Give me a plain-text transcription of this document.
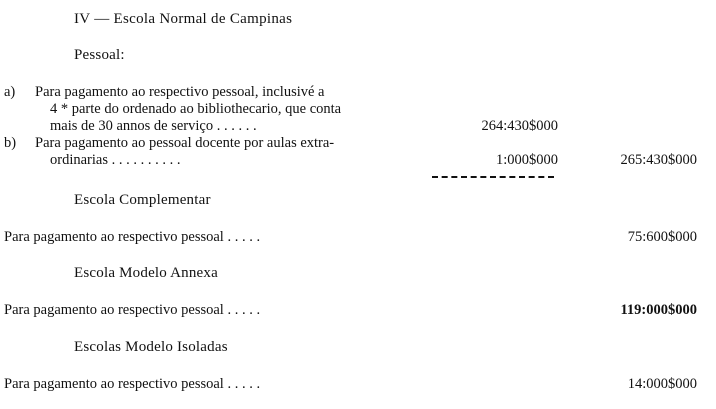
IV — Escola Normal de Campinas
Pessoal:
a) Para pagamento ao respectivo pessoal, inclusivé a
4 * parte do ordenado ao bibliothecario, que conta
mais de 30 annos de serviço . . . . . .	264:430$000
b) Para pagamento ao pessoal docente por aulas extra-
ordinarias . . . . . . . . . .	1:000$000	265:430$000
Escola Complementar
Para pagamento ao respectivo pessoal . . . . .	75:600$000
Escola Modelo Annexa
Para pagamento ao respectivo pessoal . . . . .	119:000$000
Escolas Modelo Isoladas
Para pagamento ao respectivo pessoal . . . . .	14:000$000
